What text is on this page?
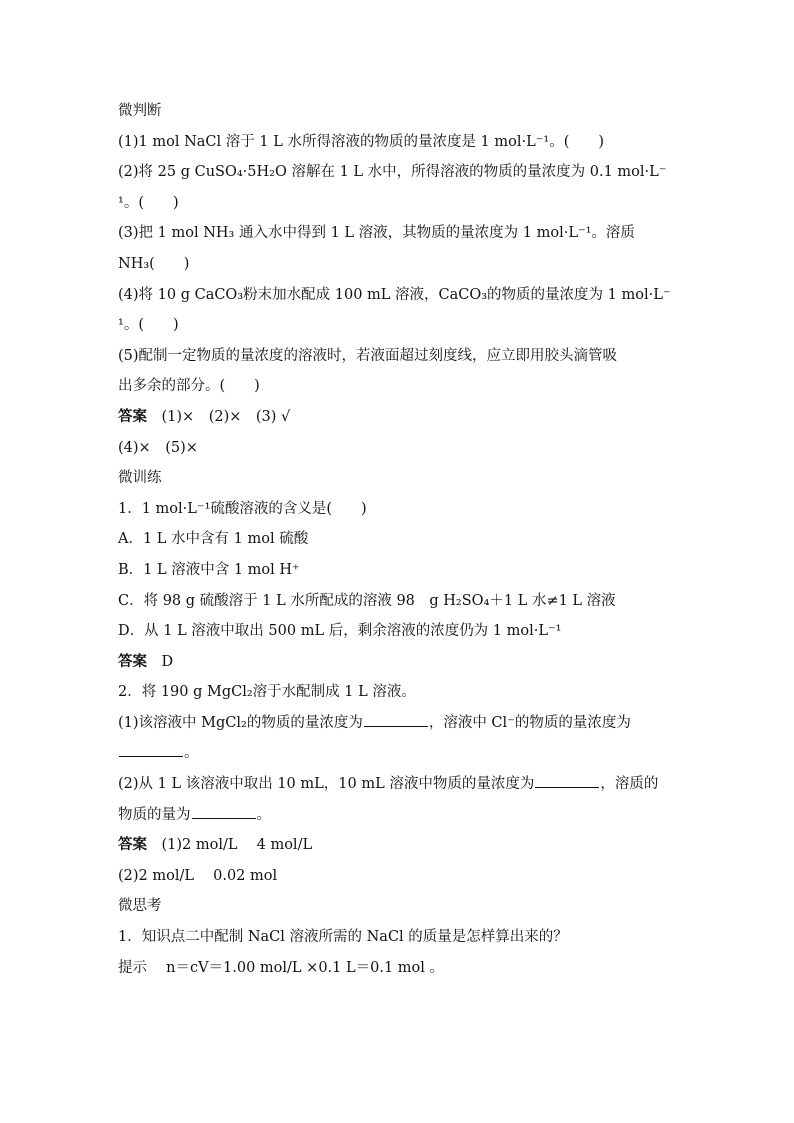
微判断
(1)1 mol NaCl 溶于 1 L 水所得溶液的物质的量浓度是 1 mol·L⁻¹。(　　)
(2)将 25 g CuSO₄·5H₂O 溶解在 1 L 水中，所得溶液的物质的量浓度为 0.1 mol·L⁻
¹。(　　)
(3)把 1 mol NH₃ 通入水中得到 1 L 溶液，其物质的量浓度为 1 mol·L⁻¹。溶质
NH₃(　　)
(4)将 10 g CaCO₃粉末加水配成 100 mL 溶液，CaCO₃的物质的量浓度为 1 mol·L⁻
¹。(　　)
(5)配制一定物质的量浓度的溶液时，若液面超过刻度线，应立即用胶头滴管吸
出多余的部分。(　　)
答案　(1)×　(2)×　(3) √
(4)×　(5)×
微训练
1．1 mol·L⁻¹硫酸溶液的含义是(　　)
A．1 L 水中含有 1 mol 硫酸
B．1 L 溶液中含 1 mol H⁺
C．将 98 g 硫酸溶于 1 L 水所配成的溶液 98　g H₂SO₄＋1 L 水≠1 L 溶液
D．从 1 L 溶液中取出 500 mL 后，剩余溶液的浓度仍为 1 mol·L⁻¹
答案　D
2．将 190 g MgCl₂溶于水配制成 1 L 溶液。
(1)该溶液中 MgCl₂的物质的量浓度为	，溶液中 Cl⁻的物质的量浓度为
。
(2)从 1 L 该溶液中取出 10 mL，10 mL 溶液中物质的量浓度为	，溶质的
物质的量为	。
答案　(1)2 mol/L　 4 mol/L
(2)2 mol/L　 0.02 mol
微思考
1．知识点二中配制 NaCl 溶液所需的 NaCl 的质量是怎样算出来的？
提示　 n＝cV＝1.00 mol/L ×0.1 L＝0.1 mol 。
